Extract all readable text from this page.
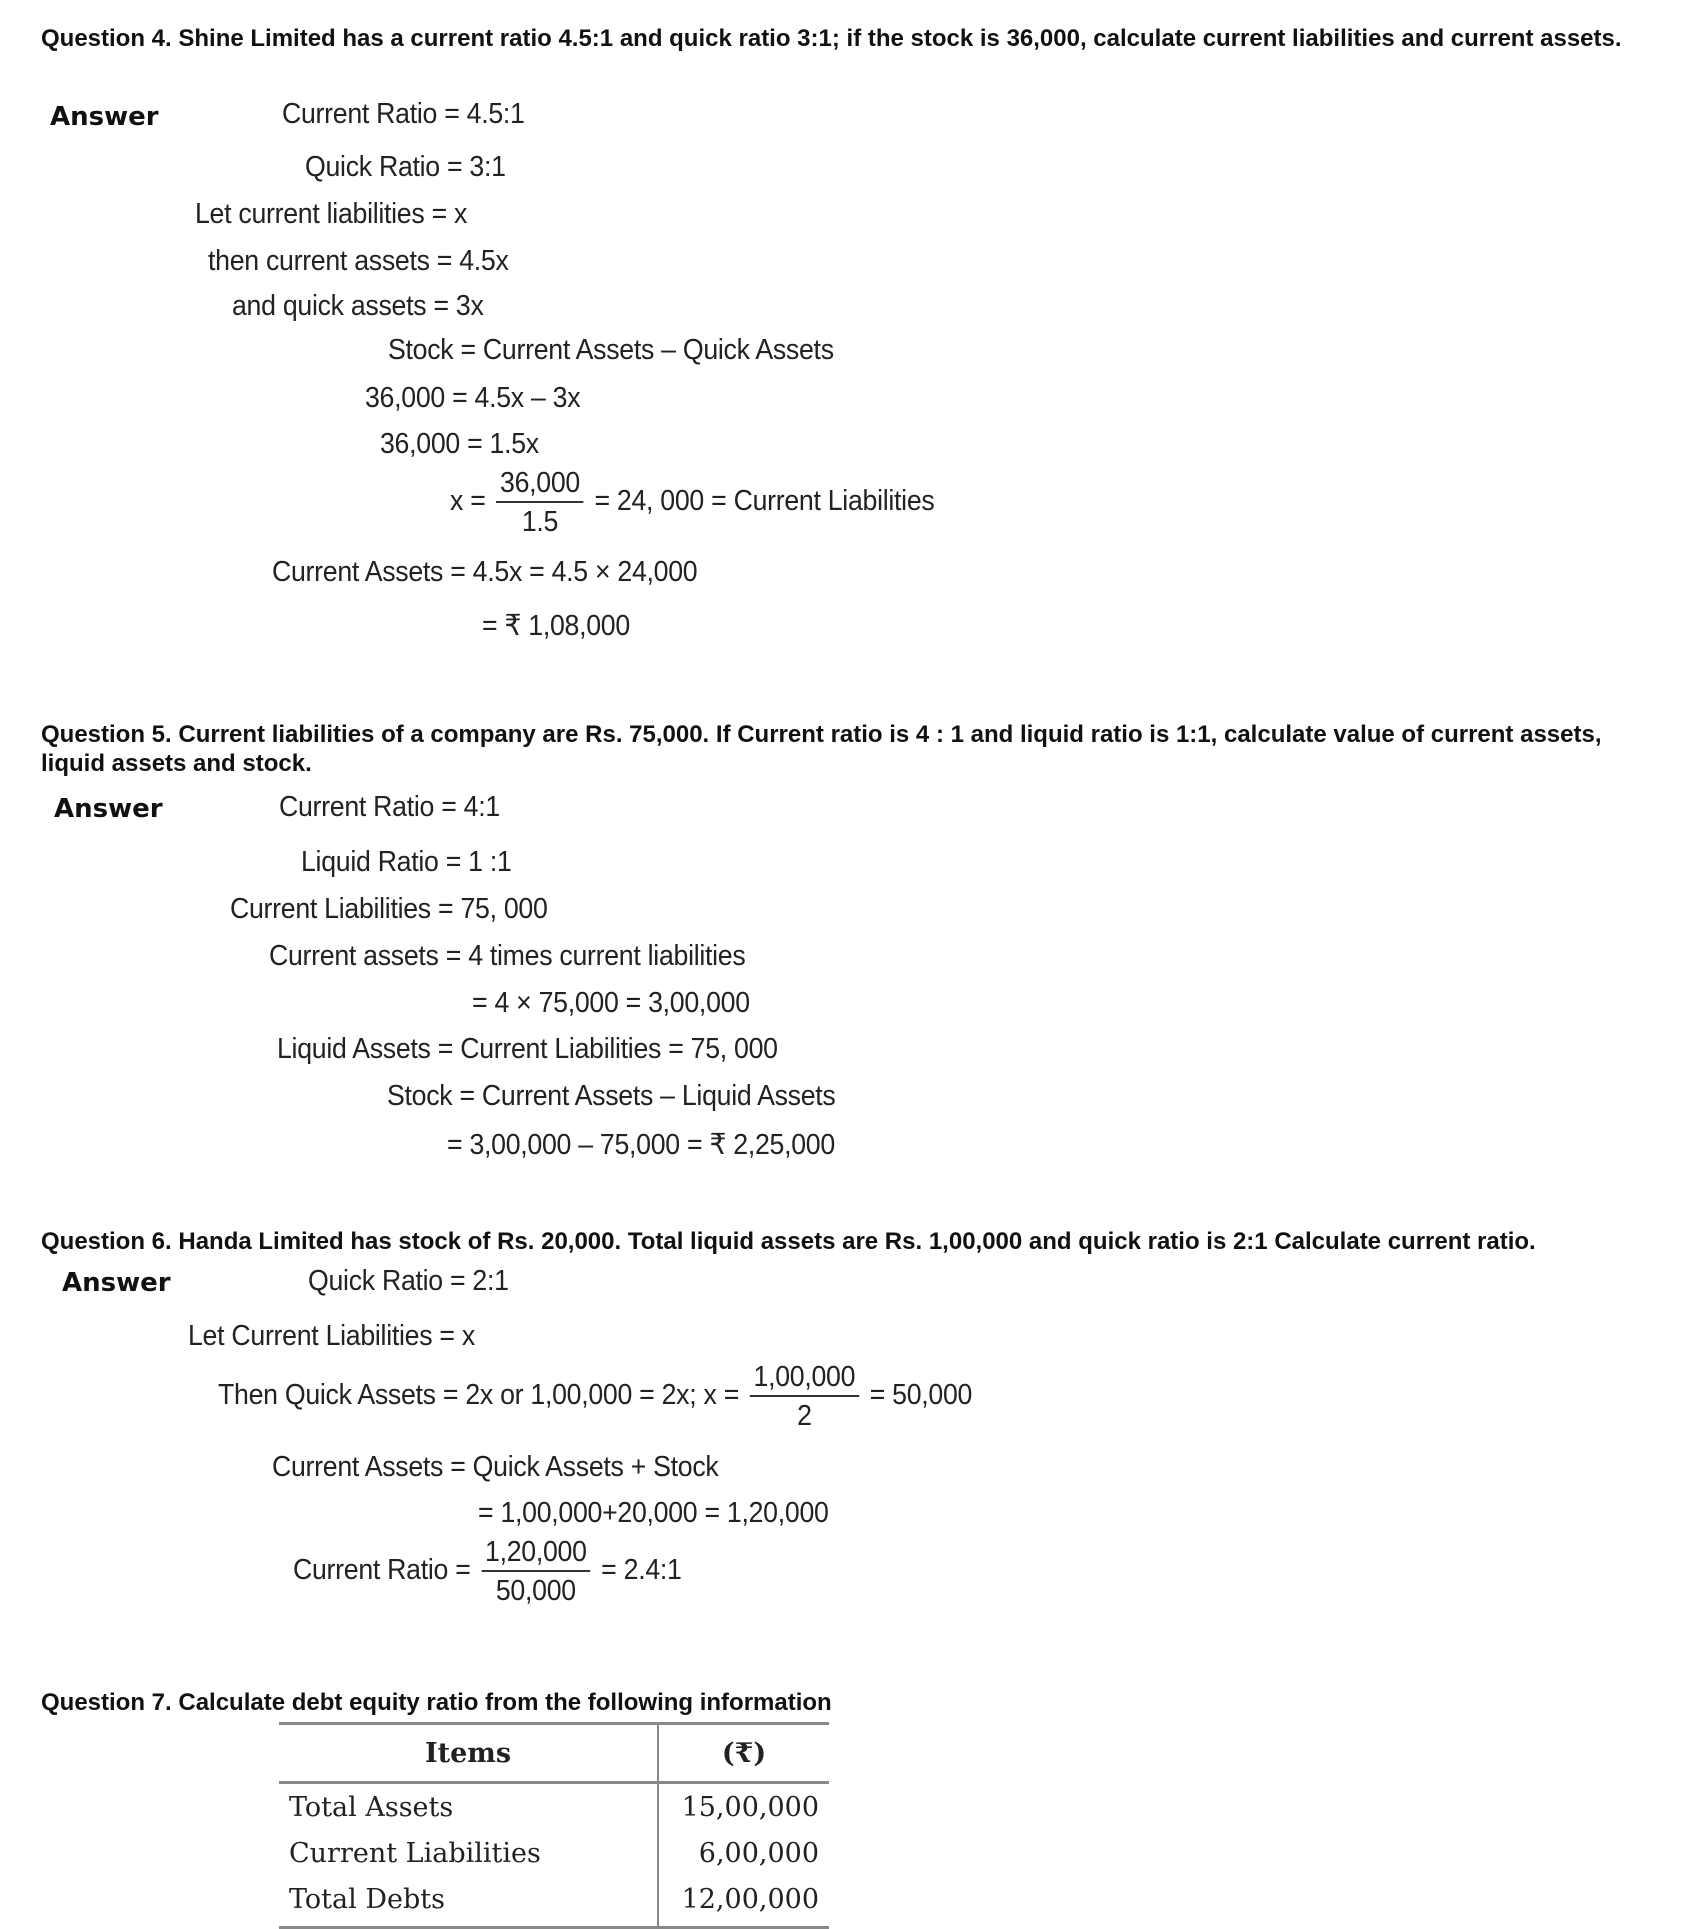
Question 4. Shine Limited has a current ratio 4.5:1 and quick ratio 3:1; if the stock is 36,000, calculate current liabilities and current assets.
Answer	Current Ratio = 4.5:1
Quick Ratio = 3:1
Let current liabilities = x
then current assets = 4.5x
and quick assets = 3x
Stock = Current Assets – Quick Assets
36,000 = 4.5x – 3x
36,000 = 1.5x
$x = \frac{36,000}{1.5} = 24$, 000 = Current Liabilities
Current Assets = 4.5x = 4.5 × 24,000
= ₹ 1,08,000
Question 5. Current liabilities of a company are Rs. 75,000. If Current ratio is 4 : 1 and liquid ratio is 1:1, calculate value of current assets, liquid assets and stock.
Answer	Current Ratio = 4:1
Liquid Ratio = 1 :1
Current Liabilities = 75, 000
Current assets = 4 times current liabilities
= 4 × 75,000 = 3,00,000
Liquid Assets = Current Liabilities = 75, 000
Stock = Current Assets – Liquid Assets
= 3,00,000 – 75,000 = ₹ 2,25,000
Question 6. Handa Limited has stock of Rs. 20,000. Total liquid assets are Rs. 1,00,000 and quick ratio is 2:1 Calculate current ratio.
Answer	Quick Ratio = 2:1
Let Current Liabilities = x
Then Quick Assets = 2x or 1,00,000 = 2x; $x = \frac{1,00,000}{2} = 50,000$
Current Assets = Quick Assets + Stock
= 1,00,000+20,000 = 1,20,000
Current Ratio = $\frac{1,20,000}{50,000}$ = 2.4:1
Question 7. Calculate debt equity ratio from the following information
Items	(₹)
Total Assets	15,00,000
Current Liabilities	6,00,000
Total Debts	12,00,000
